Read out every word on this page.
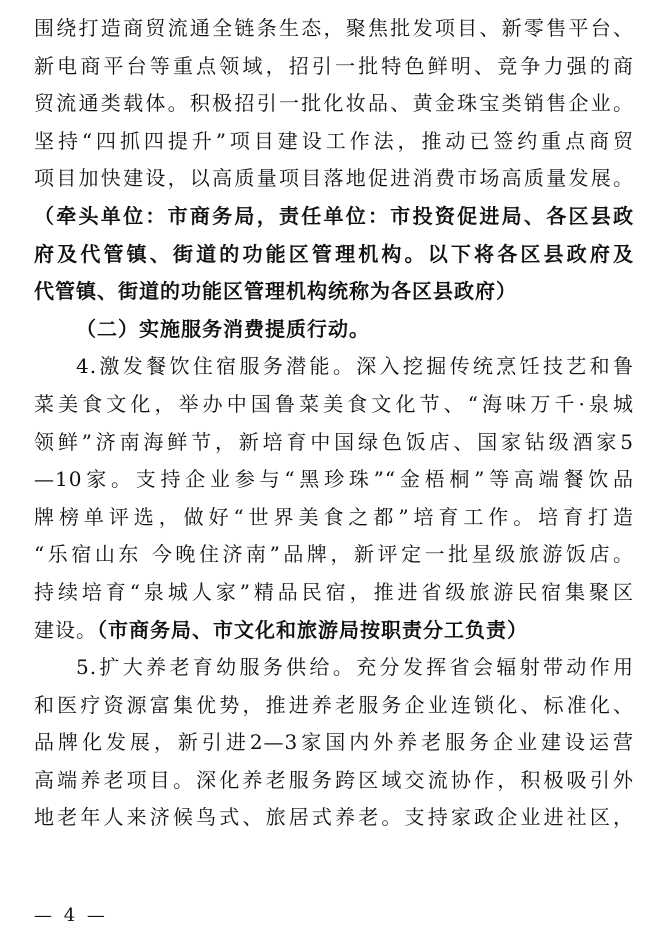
围绕打造商贸流通全链条生态，聚焦批发项目、新零售平台、
新电商平台等重点领域，招引一批特色鲜明、竞争力强的商
贸流通类载体。积极招引一批化妆品、黄金珠宝类销售企业。
坚持“四抓四提升”项目建设工作法，推动已签约重点商贸
项目加快建设，以高质量项目落地促进消费市场高质量发展。
（牵头单位：市商务局，责任单位：市投资促进局、各区县政
府及代管镇、街道的功能区管理机构。以下将各区县政府及
代管镇、街道的功能区管理机构统称为各区县政府）
（二）实施服务消费提质行动。
4.激发餐饮住宿服务潜能。深入挖掘传统烹饪技艺和鲁
菜美食文化，举办中国鲁菜美食文化节、“海味万千·泉城
领鲜”济南海鲜节，新培育中国绿色饭店、国家钻级酒家5
—10家。支持企业参与“黑珍珠”“金梧桐”等高端餐饮品
牌榜单评选，做好“世界美食之都”培育工作。培育打造
“乐宿山东 今晚住济南”品牌，新评定一批星级旅游饭店。
持续培育“泉城人家”精品民宿，推进省级旅游民宿集聚区
建设。（市商务局、市文化和旅游局按职责分工负责）
5.扩大养老育幼服务供给。充分发挥省会辐射带动作用
和医疗资源富集优势，推进养老服务企业连锁化、标准化、
品牌化发展，新引进2—3家国内外养老服务企业建设运营
高端养老项目。深化养老服务跨区域交流协作，积极吸引外
地老年人来济候鸟式、旅居式养老。支持家政企业进社区，
— 4 —
